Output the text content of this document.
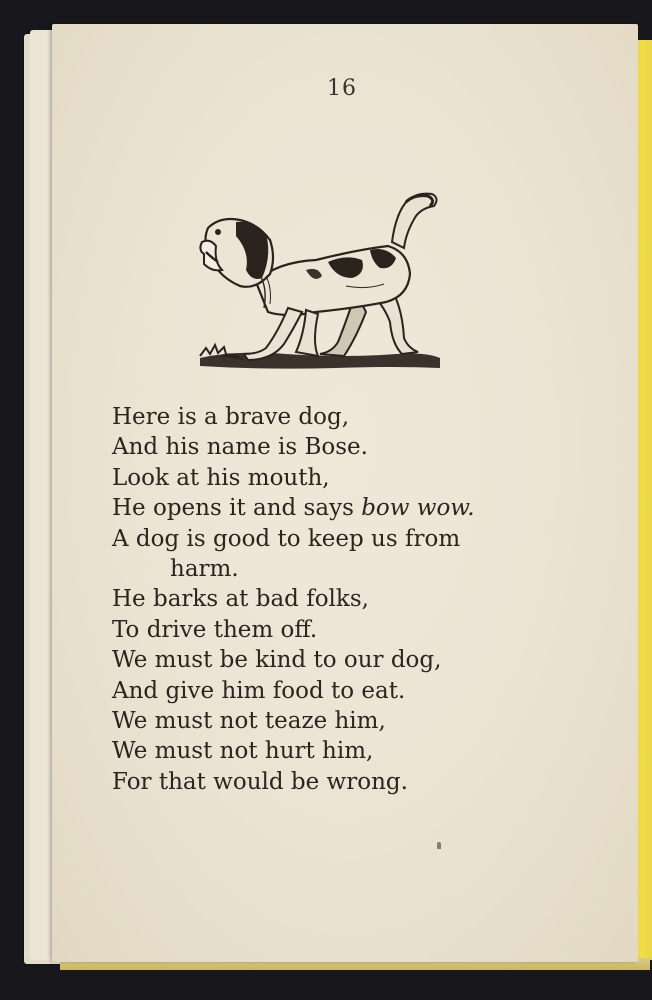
16
Here is a brave dog,
And his name is Bose.
Look at his mouth,
He opens it and says bow wow.
A dog is good to keep us from
harm.
He barks at bad folks,
To drive them off.
We must be kind to our dog,
And give him food to eat.
We must not teaze him,
We must not hurt him,
For that would be wrong.
